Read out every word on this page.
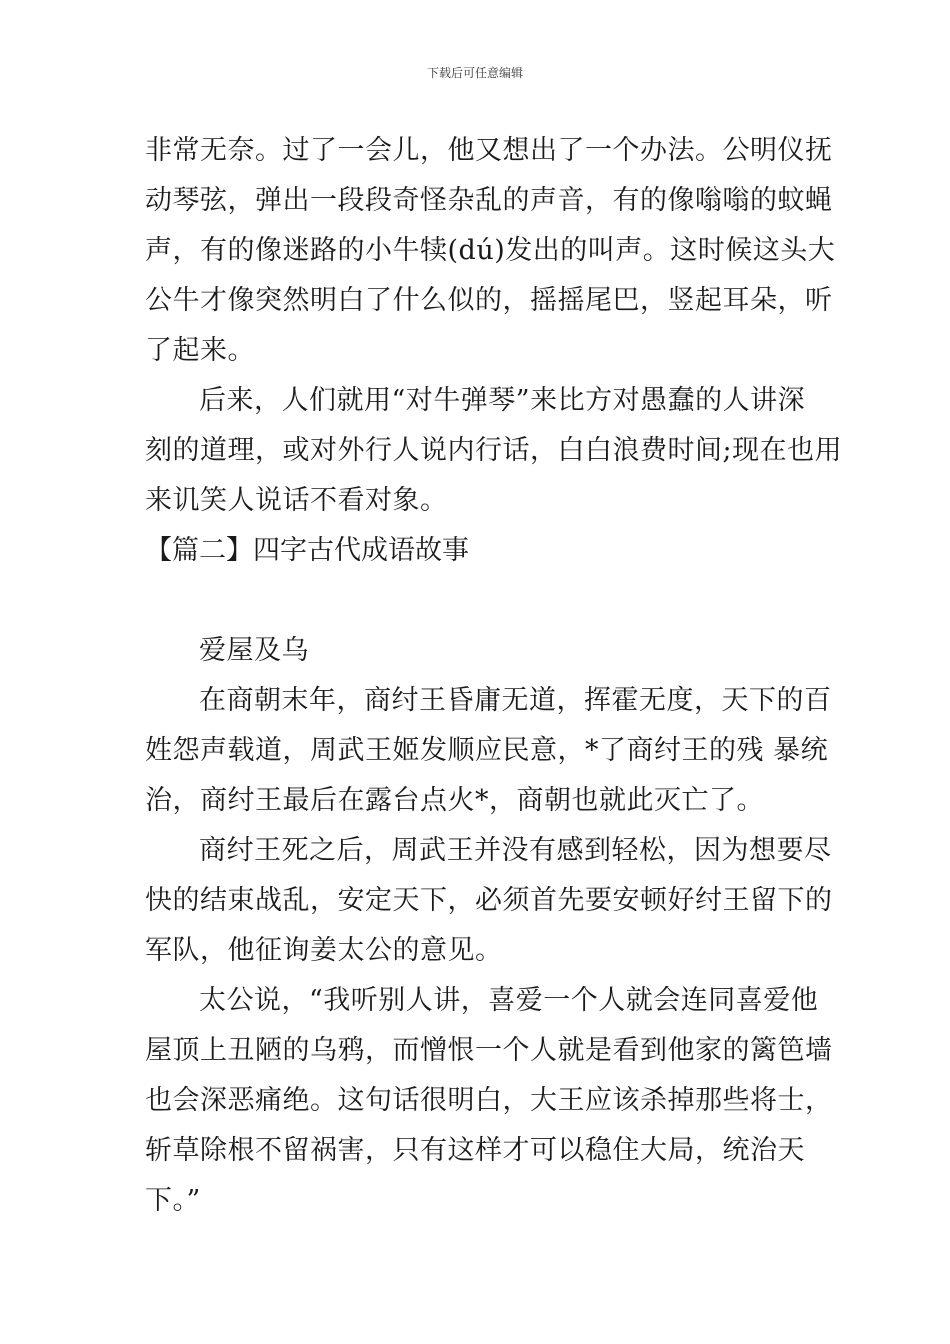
下载后可任意编辑
非常无奈。过了一会儿，他又想出了一个办法。公明仪抚
动琴弦，弹出一段段奇怪杂乱的声音，有的像嗡嗡的蚊蝇
声，有的像迷路的小牛犊(dú)发出的叫声。这时候这头大
公牛才像突然明白了什么似的，摇摇尾巴，竖起耳朵，听
了起来。
后来，人们就用“对牛弹琴”来比方对愚蠢的人讲深
刻的道理，或对外行人说内行话，白白浪费时间;现在也用
来讥笑人说话不看对象。
【篇二】四字古代成语故事
爱屋及乌
在商朝末年，商纣王昏庸无道，挥霍无度，天下的百
姓怨声载道，周武王姬发顺应民意，*了商纣王的残 暴统
治，商纣王最后在露台点火*，商朝也就此灭亡了。
商纣王死之后，周武王并没有感到轻松，因为想要尽
快的结束战乱，安定天下，必须首先要安顿好纣王留下的
军队，他征询姜太公的意见。
太公说，“我听别人讲，喜爱一个人就会连同喜爱他
屋顶上丑陋的乌鸦，而憎恨一个人就是看到他家的篱笆墙
也会深恶痛绝。这句话很明白，大王应该杀掉那些将士，
斩草除根不留祸害，只有这样才可以稳住大局，统治天
下。”
